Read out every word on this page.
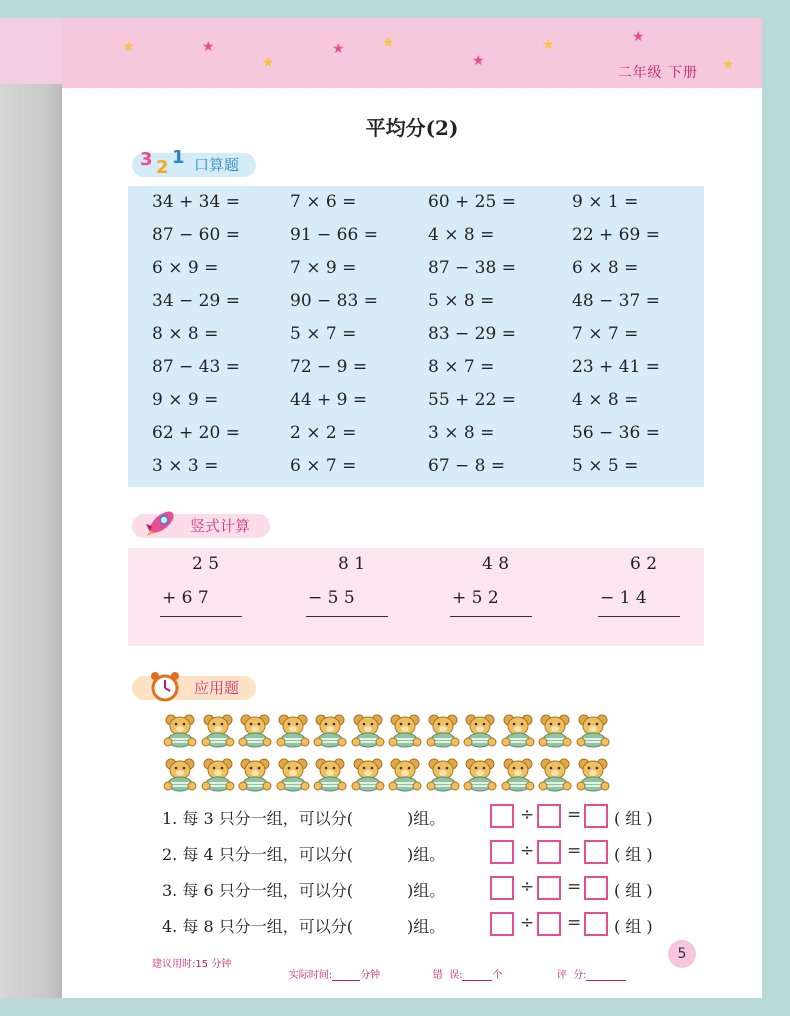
★	★
★
★	★
★
★	★
★
二年级 下册
平均分(2)
3 2 1 口算题
34 + 34 =	7 × 6 =	60 + 25 =	9 × 1 =
87 − 60 =	91 − 66 =	4 × 8 =	22 + 69 =
6 × 9 =	7 × 9 =	87 − 38 =	6 × 8 =
34 − 29 =	90 − 83 =	5 × 8 =	48 − 37 =
8 × 8 =	5 × 7 =	83 − 29 =	7 × 7 =
87 − 43 =	72 − 9 =	8 × 7 =	23 + 41 =
9 × 9 =	44 + 9 =	55 + 22 =	4 × 8 =
62 + 20 =	2 × 2 =	3 × 8 =	56 − 36 =
3 × 3 =	6 × 7 =	67 − 8 =	5 × 5 =
竖式计算
2 5
+ 6 7
8 1
− 5 5
4 8
+ 5 2
6 2
− 1 4
应用题
1. 每 3 只分一组，可以分(	)组。	÷ = ( 组 )
2. 每 4 只分一组，可以分(	)组。	÷ = ( 组 )
3. 每 6 只分一组，可以分(	)组。	÷ = ( 组 )
4. 每 8 只分一组，可以分(	)组。	÷ = ( 组 )
建议用时:15 分钟

实际时间:	分钟
	错  误:	个
	评  分:

5
